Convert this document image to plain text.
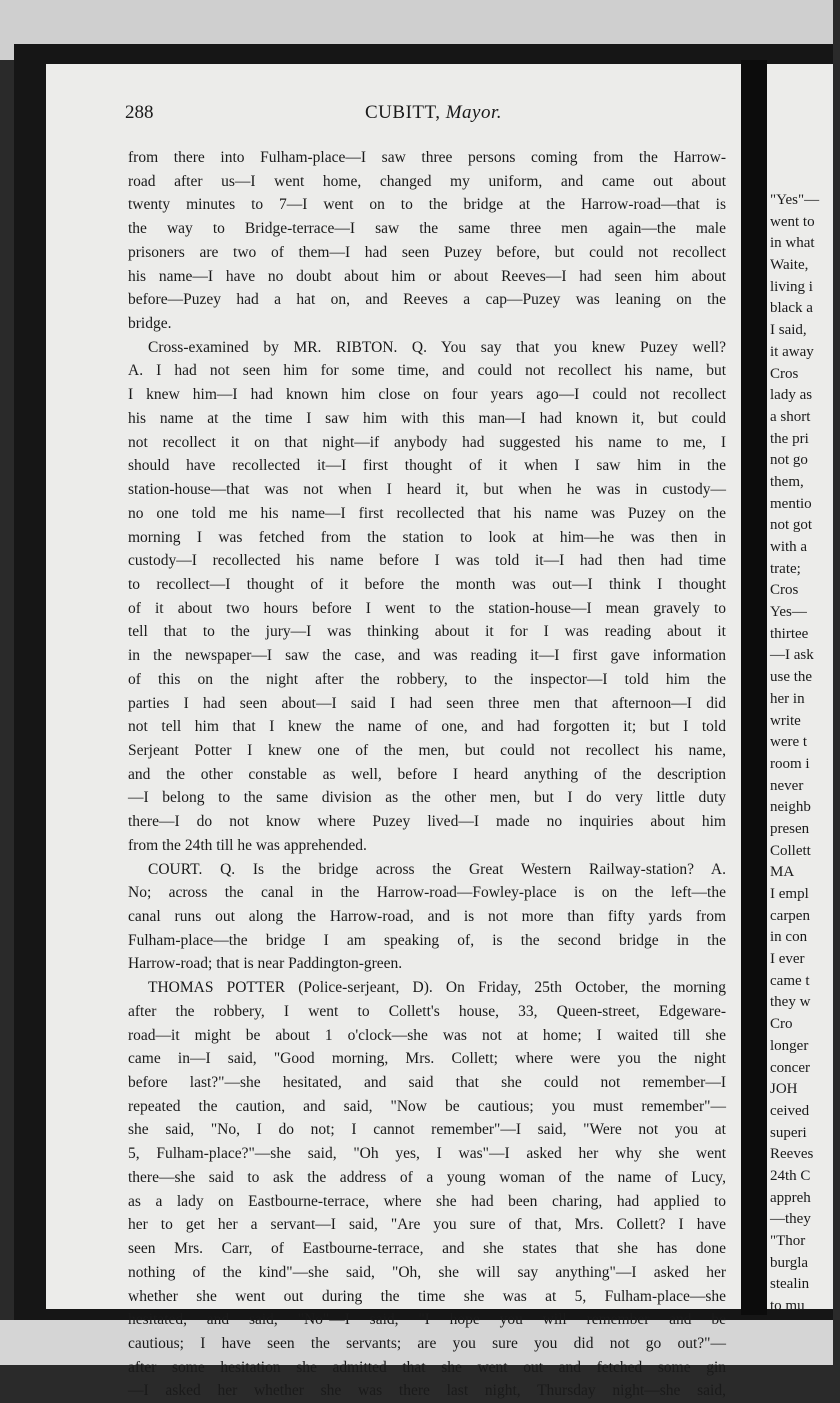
"Yes"—
went to
in what
Waite,
living i
black a
I said,
it away
Cros
lady as
a short
the pri
not go
them,
mentio
not got
with a
trate;
Cros
Yes—
thirtee
—I ask
use the
her in
write
were t
room i
never
neighb
presen
Collett
MA
I empl
carpen
in con
I ever
came t
they w
Cro
longer
concer
JOH
ceived
superi
Reeves
24th C
appreh
—they
"Thor
burgla
stealin
to mu
288	CUBITT, Mayor.
from there into Fulham-place—I saw three persons coming from the Harrow-
road after us—I went home, changed my uniform, and came out about
twenty minutes to 7—I went on to the bridge at the Harrow-road—that is
the way to Bridge-terrace—I saw the same three men again—the male
prisoners are two of them—I had seen Puzey before, but could not recollect
his name—I have no doubt about him or about Reeves—I had seen him about
before—Puzey had a hat on, and Reeves a cap—Puzey was leaning on the
bridge.
Cross-examined by MR. RIBTON. Q. You say that you knew Puzey well?
A. I had not seen him for some time, and could not recollect his name, but
I knew him—I had known him close on four years ago—I could not recollect
his name at the time I saw him with this man—I had known it, but could
not recollect it on that night—if anybody had suggested his name to me, I
should have recollected it—I first thought of it when I saw him in the
station-house—that was not when I heard it, but when he was in custody—
no one told me his name—I first recollected that his name was Puzey on the
morning I was fetched from the station to look at him—he was then in
custody—I recollected his name before I was told it—I had then had time
to recollect—I thought of it before the month was out—I think I thought
of it about two hours before I went to the station-house—I mean gravely to
tell that to the jury—I was thinking about it for I was reading about it
in the newspaper—I saw the case, and was reading it—I first gave information
of this on the night after the robbery, to the inspector—I told him the
parties I had seen about—I said I had seen three men that afternoon—I did
not tell him that I knew the name of one, and had forgotten it; but I told
Serjeant Potter I knew one of the men, but could not recollect his name,
and the other constable as well, before I heard anything of the description
—I belong to the same division as the other men, but I do very little duty
there—I do not know where Puzey lived—I made no inquiries about him
from the 24th till he was apprehended.
COURT. Q. Is the bridge across the Great Western Railway-station? A.
No; across the canal in the Harrow-road—Fowley-place is on the left—the
canal runs out along the Harrow-road, and is not more than fifty yards from
Fulham-place—the bridge I am speaking of, is the second bridge in the
Harrow-road; that is near Paddington-green.
THOMAS POTTER (Police-serjeant, D). On Friday, 25th October, the morning
after the robbery, I went to Collett's house, 33, Queen-street, Edgeware-
road—it might be about 1 o'clock—she was not at home; I waited till she
came in—I said, "Good morning, Mrs. Collett; where were you the night
before last?"—she hesitated, and said that she could not remember—I
repeated the caution, and said, "Now be cautious; you must remember"—
she said, "No, I do not; I cannot remember"—I said, "Were not you at
5, Fulham-place?"—she said, "Oh yes, I was"—I asked her why she went
there—she said to ask the address of a young woman of the name of Lucy,
as a lady on Eastbourne-terrace, where she had been charing, had applied to
her to get her a servant—I said, "Are you sure of that, Mrs. Collett? I have
seen Mrs. Carr, of Eastbourne-terrace, and she states that she has done
nothing of the kind"—she said, "Oh, she will say anything"—I asked her
whether she went out during the time she was at 5, Fulham-place—she
hesitated, and said, "No"—I said, "I hope you will remember and be
cautious; I have seen the servants; are you sure you did not go out?"—
after some hesitation she admitted that she went out and fetched some gin
—I asked her whether she was there last night, Thursday night—she said,
